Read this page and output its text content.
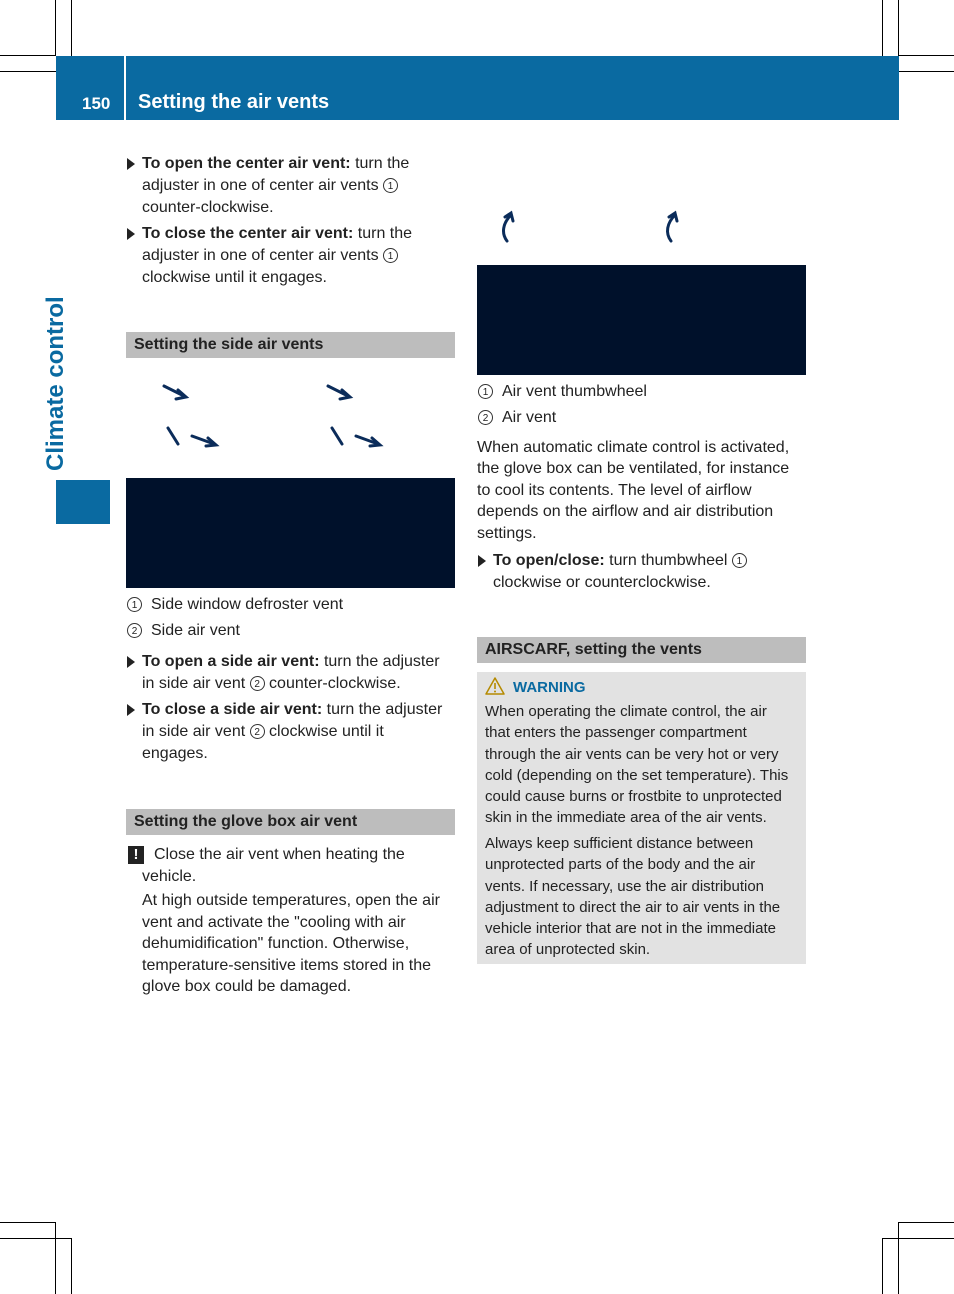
150 Setting the air vents
Climate control
To open the center air vent: turn the
adjuster in one of center air vents 1
counter-clockwise.
To close the center air vent: turn the
adjuster in one of center air vents 1
clockwise until it engages.
Setting the side air vents
1 Side window defroster vent
2 Side air vent
To open a side air vent: turn the adjuster
in side air vent 2 counter-clockwise.
To close a side air vent: turn the adjuster
in side air vent 2 clockwise until it
engages.
Setting the glove box air vent
! Close the air vent when heating the
vehicle.
At high outside temperatures, open the air
vent and activate the "cooling with air
dehumidification" function. Otherwise,
temperature-sensitive items stored in the
glove box could be damaged.
1 Air vent thumbwheel
2 Air vent
When automatic climate control is activated,
the glove box can be ventilated, for instance
to cool its contents. The level of airflow
depends on the airflow and air distribution
settings.
To open/close: turn thumbwheel 1
clockwise or counterclockwise.
AIRSCARF, setting the vents
WARNING
When operating the climate control, the air
that enters the passenger compartment
through the air vents can be very hot or very
cold (depending on the set temperature). This
could cause burns or frostbite to unprotected
skin in the immediate area of the air vents.
Always keep sufficient distance between
unprotected parts of the body and the air
vents. If necessary, use the air distribution
adjustment to direct the air to air vents in the
vehicle interior that are not in the immediate
area of unprotected skin.
